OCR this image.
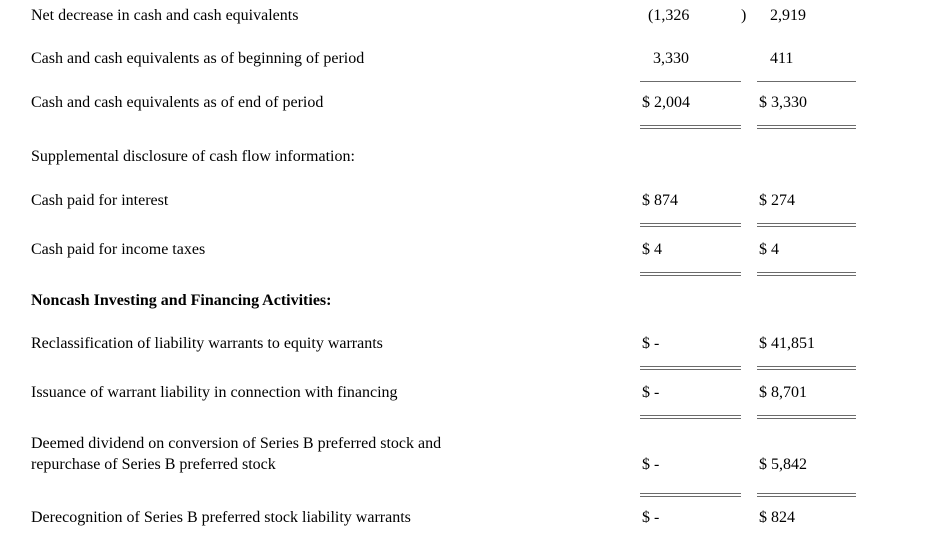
Net decrease in cash and cash equivalents	(1,326	)	2,919
Cash and cash equivalents as of beginning of period	3,330	411
Cash and cash equivalents as of end of period	$ 2,004	$ 3,330
Supplemental disclosure of cash flow information:
Cash paid for interest	$ 874	$ 274
Cash paid for income taxes	$ 4	$ 4
Noncash Investing and Financing Activities:
Reclassification of liability warrants to equity warrants	$ -	$ 41,851
Issuance of warrant liability in connection with financing	$ -	$ 8,701
Deemed dividend on conversion of Series B preferred stock and
repurchase of Series B preferred stock	$ -	$ 5,842
Derecognition of Series B preferred stock liability warrants	$ -	$ 824
